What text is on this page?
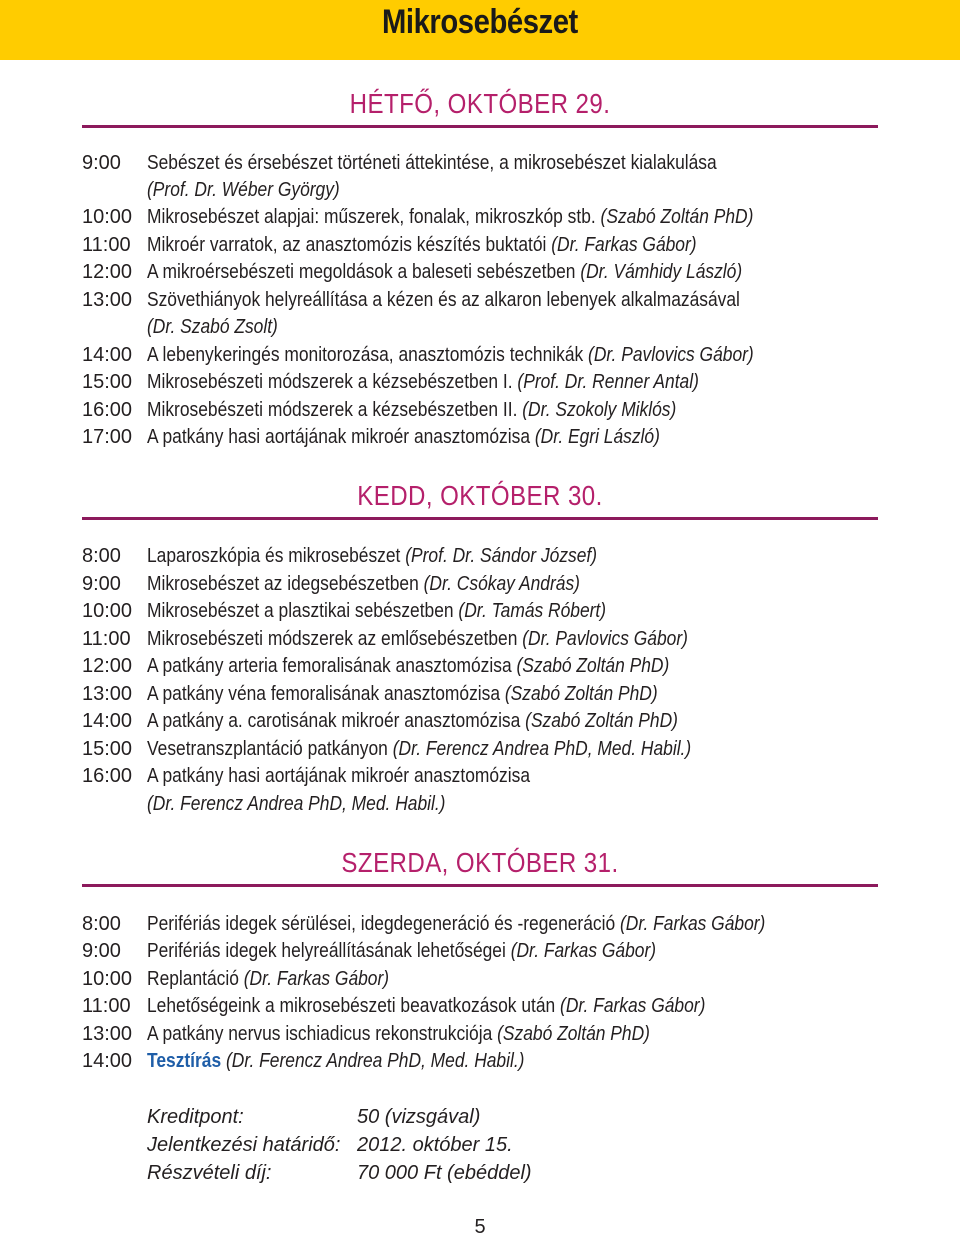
Mikrosebészet
HÉTFŐ, OKTÓBER 29.
9:00 Sebészet és érsebészet történeti áttekintése, a mikrosebészet kialakulása
(Prof. Dr. Wéber György)
10:00 Mikrosebészet alapjai: műszerek, fonalak, mikroszkóp stb. (Szabó Zoltán PhD)
11:00 Mikroér varratok, az anasztomózis készítés buktatói (Dr. Farkas Gábor)
12:00 A mikroérsebészeti megoldások a baleseti sebészetben (Dr. Vámhidy László)
13:00 Szövethiányok helyreállítása a kézen és az alkaron lebenyek alkalmazásával
(Dr. Szabó Zsolt)
14:00 A lebenykeringés monitorozása, anasztomózis technikák (Dr. Pavlovics Gábor)
15:00 Mikrosebészeti módszerek a kézsebészetben I. (Prof. Dr. Renner Antal)
16:00 Mikrosebészeti módszerek a kézsebészetben II. (Dr. Szokoly Miklós)
17:00 A patkány hasi aortájának mikroér anasztomózisa (Dr. Egri László)
KEDD, OKTÓBER 30.
8:00 Laparoszkópia és mikrosebészet (Prof. Dr. Sándor József)
9:00 Mikrosebészet az idegsebészetben (Dr. Csókay András)
10:00 Mikrosebészet a plasztikai sebészetben (Dr. Tamás Róbert)
11:00 Mikrosebészeti módszerek az emlősebészetben (Dr. Pavlovics Gábor)
12:00 A patkány arteria femoralisának anasztomózisa (Szabó Zoltán PhD)
13:00 A patkány véna femoralisának anasztomózisa (Szabó Zoltán PhD)
14:00 A patkány a. carotisának mikroér anasztomózisa (Szabó Zoltán PhD)
15:00 Vesetranszplantáció patkányon (Dr. Ferencz Andrea PhD, Med. Habil.)
16:00 A patkány hasi aortájának mikroér anasztomózisa
(Dr. Ferencz Andrea PhD, Med. Habil.)
SZERDA, OKTÓBER 31.
8:00 Perifériás idegek sérülései, idegdegeneráció és -regeneráció (Dr. Farkas Gábor)
9:00 Perifériás idegek helyreállításának lehetőségei (Dr. Farkas Gábor)
10:00 Replantáció (Dr. Farkas Gábor)
11:00 Lehetőségeink a mikrosebészeti beavatkozások után (Dr. Farkas Gábor)
13:00 A patkány nervus ischiadicus rekonstrukciója (Szabó Zoltán PhD)
14:00 Tesztírás (Dr. Ferencz Andrea PhD, Med. Habil.)
Kreditpont:	50 (vizsgával)
Jelentkezési határidő: 2012. október 15.
Részvételi díj:	70 000 Ft (ebéddel)
5
